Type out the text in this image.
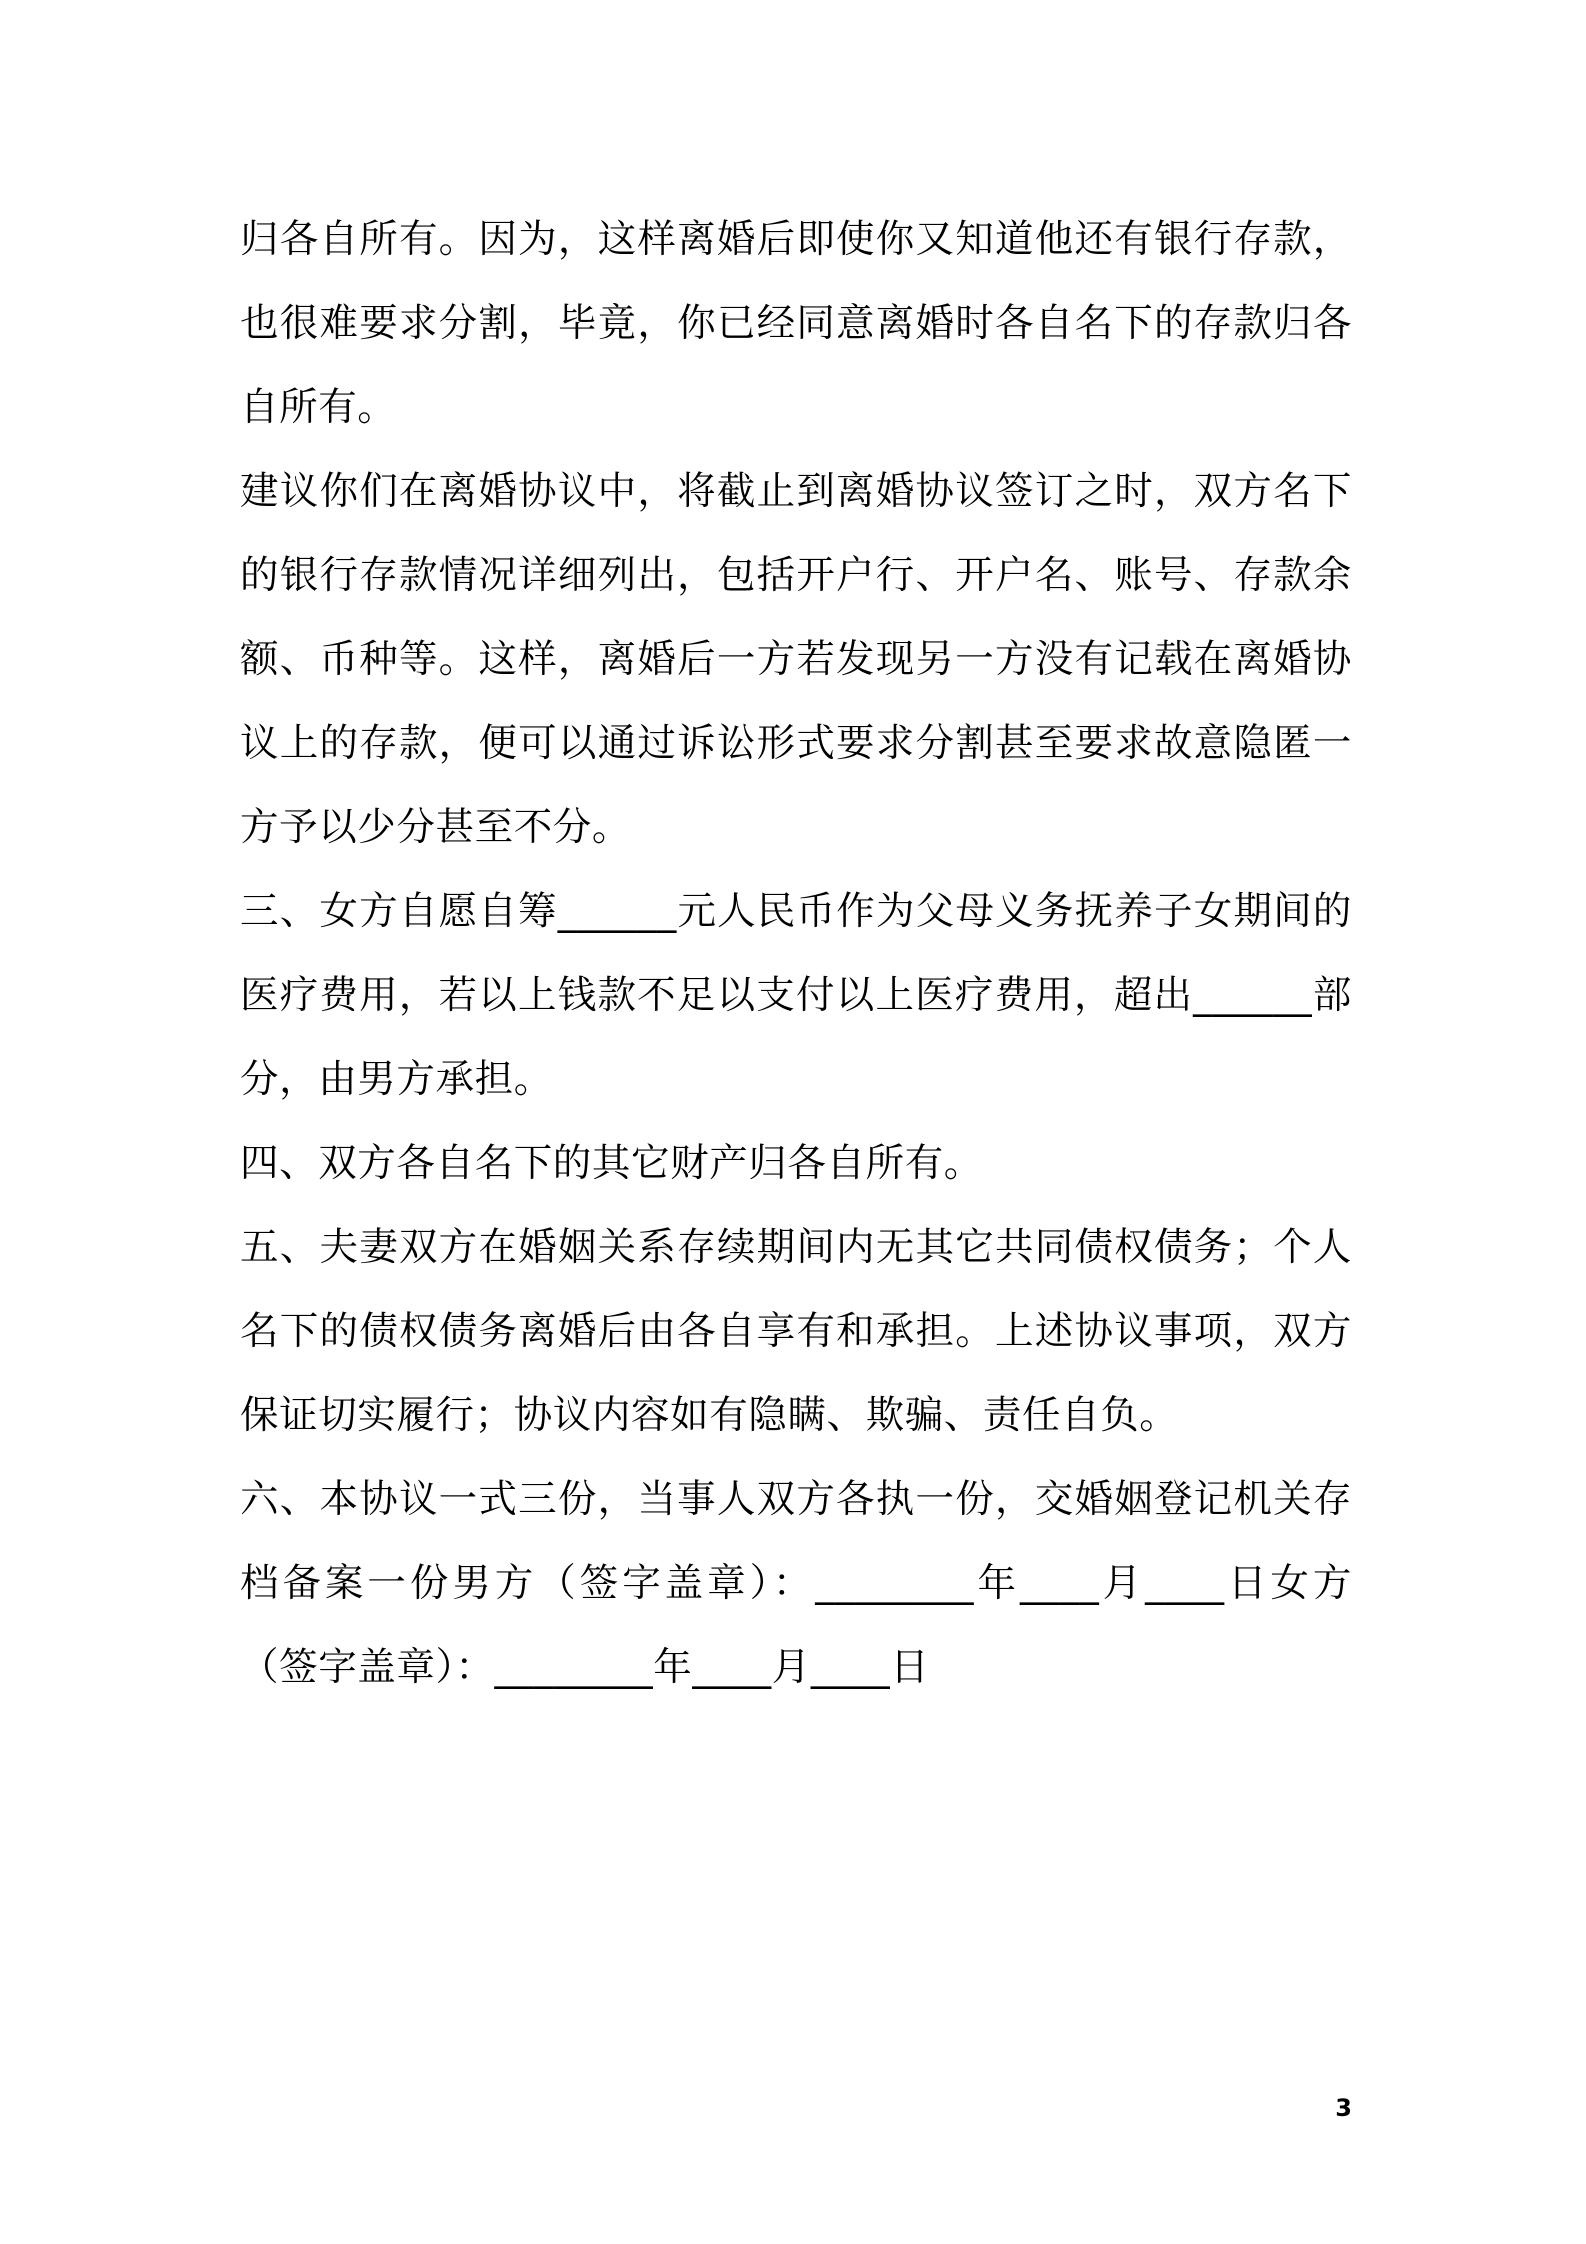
归各自所有。因为，这样离婚后即使你又知道他还有银行存款，也很难要求分割，毕竟，你已经同意离婚时各自名下的存款归各自所有。

建议你们在离婚协议中，将截止到离婚协议签订之时，双方名下的银行存款情况详细列出，包括开户行、开户名、账号、存款余额、币种等。这样，离婚后一方若发现另一方没有记载在离婚协议上的存款，便可以通过诉讼形式要求分割甚至要求故意隐匿一方予以少分甚至不分。

三、女方自愿自筹______元人民币作为父母义务抚养子女期间的医疗费用，若以上钱款不足以支付以上医疗费用，超出______部分，由男方承担。

四、双方各自名下的其它财产归各自所有。

五、夫妻双方在婚姻关系存续期间内无其它共同债权债务；个人名下的债权债务离婚后由各自享有和承担。上述协议事项，双方保证切实履行；协议内容如有隐瞒、欺骗、责任自负。

六、本协议一式三份，当事人双方各执一份，交婚姻登记机关存档备案一份男方（签字盖章）：________年____月____日女方（签字盖章）：________年____月____日

3
